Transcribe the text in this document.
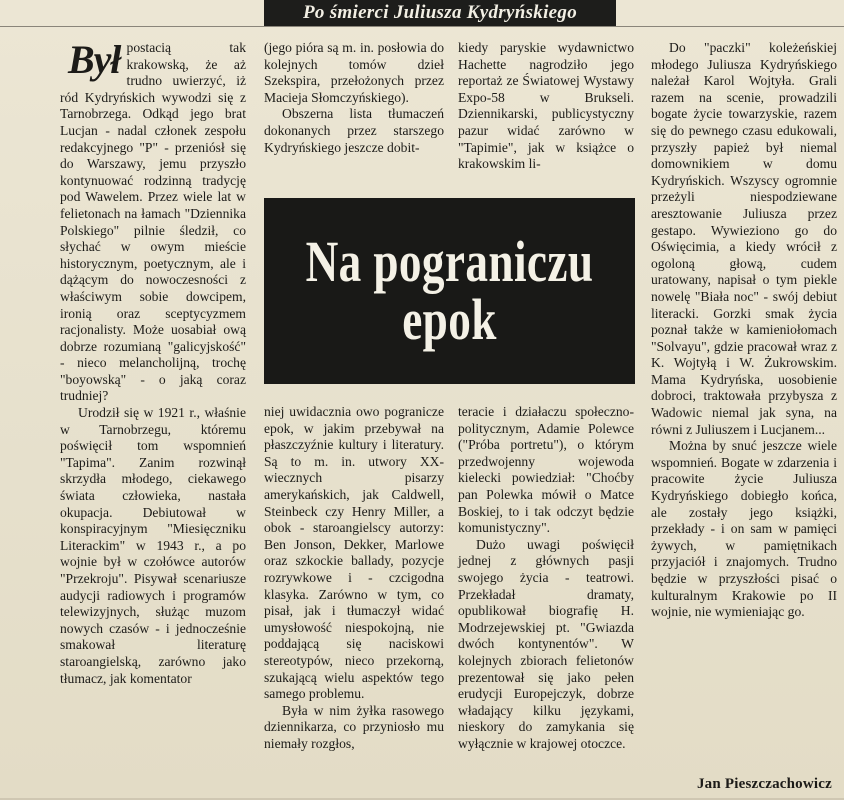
Po śmierci Juliusza Kydryńskiego
Był postacią tak krakowską, że aż trudno uwierzyć, iż ród Kydryńskich wywodzi się z Tarnobrzega. Odkąd jego brat Lucjan - nadal członek zespołu redakcyjnego "P" - przeniósł się do Warszawy, jemu przyszło kontynuować rodzinną tradycję pod Wawelem. Przez wiele lat w felietonach na łamach "Dziennika Polskiego" pilnie śledził, co słychać w owym mieście historycznym, poetycznym, ale i dążącym do nowoczesności z właściwym sobie dowcipem, ironią oraz sceptycyzmem racjonalisty. Może uosabiał ową dobrze rozumianą "galicyjskość" - nieco melancholijną, trochę "boyowską" - o jaką coraz trudniej?

Urodził się w 1921 r., właśnie w Tarnobrzegu, któremu poświęcił tom wspomnień "Tapima". Zanim rozwinął skrzydła młodego, ciekawego świata człowieka, nastała okupacja. Debiutował w konspiracyjnym "Miesięczniku Literackim" w 1943 r., a po wojnie był w czołówce autorów "Przekroju". Pisywał scenariusze audycji radiowych i programów telewizyjnych, służąc muzom nowych czasów - i jednocześnie smakował literaturę staroangielską, zarówno jako tłumacz, jak komentator

(jego pióra są m. in. posłowia do kolejnych tomów dzieł Szekspira, przełożonych przez Macieja Słomczyńskiego).

Obszerna lista tłumaczeń dokonanych przez starszego Kydryńskiego jeszcze dobit-

kiedy paryskie wydawnictwo Hachette nagrodziło jego reportaż ze Światowej Wystawy Expo-58 w Brukseli. Dziennikarski, publicystyczny pazur widać zarówno w "Tapimie", jak w książce o krakowskim li-

Na pograniczu
epok

niej uwidacznia owo pogranicze epok, w jakim przebywał na płaszczyźnie kultury i literatury. Są to m. in. utwory XX-wiecznych pisarzy amerykańskich, jak Caldwell, Steinbeck czy Henry Miller, a obok - staroangielscy autorzy: Ben Jonson, Dekker, Marlowe oraz szkockie ballady, pozycje rozrywkowe i - czcigodna klasyka. Zarówno w tym, co pisał, jak i tłumaczył widać umysłowość niespokojną, nie poddającą się naciskowi stereotypów, nieco przekorną, szukającą wielu aspektów tego samego problemu.

Była w nim żyłka rasowego dziennikarza, co przyniosło mu niemały rozgłos,

teracie i działaczu społeczno-politycznym, Adamie Polewce ("Próba portretu"), o którym przedwojenny wojewoda kielecki powiedział: "Choćby pan Polewka mówił o Matce Boskiej, to i tak odczyt będzie komunistyczny".

Dużo uwagi poświęcił jednej z głównych pasji swojego życia - teatrowi. Przekładał dramaty, opublikował biografię H. Modrzejewskiej pt. "Gwiazda dwóch kontynentów". W kolejnych zbiorach felietonów prezentował się jako pełen erudycji Europejczyk, dobrze władający kilku językami, nieskory do zamykania się wyłącznie w krajowej otoczce.

Do "paczki" koleżeńskiej młodego Juliusza Kydryńskiego należał Karol Wojtyła. Grali razem na scenie, prowadzili bogate życie towarzyskie, razem się do pewnego czasu edukowali, przyszły papież był niemal domownikiem w domu Kydryńskich. Wszyscy ogromnie przeżyli niespodziewane aresztowanie Juliusza przez gestapo. Wywieziono go do Oświęcimia, a kiedy wrócił z ogoloną głową, cudem uratowany, napisał o tym piekle nowelę "Biała noc" - swój debiut literacki. Gorzki smak życia poznał także w kamieniołomach "Solvayu", gdzie pracował wraz z K. Wojtyłą i W. Żukrowskim. Mama Kydryńska, uosobienie dobroci, traktowała przybysza z Wadowic niemal jak syna, na równi z Juliuszem i Lucjanem...

Można by snuć jeszcze wiele wspomnień. Bogate w zdarzenia i pracowite życie Juliusza Kydryńskiego dobiegło końca, ale zostały jego książki, przekłady - i on sam w pamięci żywych, w pamiętnikach przyjaciół i znajomych. Trudno będzie w przyszłości pisać o kulturalnym Krakowie po II wojnie, nie wymieniając go.

Jan Pieszczachowicz
